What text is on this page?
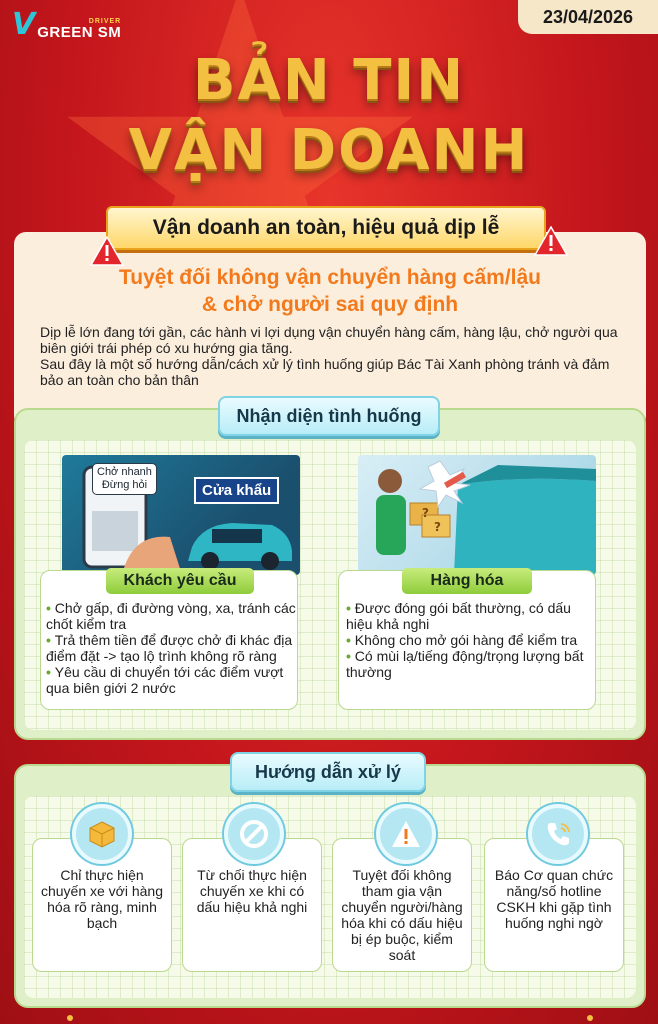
V	DRIVER
GREEN SM
23/04/2026
BẢN TIN
VẬN DOANH
Vận doanh an toàn, hiệu quả dịp lễ
Tuyệt đối không vận chuyển hàng cấm/lậu
& chở người sai quy định

Dịp lễ lớn đang tới gần, các hành vi lợi dụng vận chuyển hàng cấm, hàng lậu, chở người qua biên giới trái phép có xu hướng gia tăng.

Sau đây là một số hướng dẫn/cách xử lý tình huống giúp Bác Tài Xanh phòng tránh và đảm bảo an toàn cho bản thân

Nhận diện tình huống
Chở nhanh
Đừng hỏi	Cửa khẩu
?
?
Khách yêu cầu
• Chở gấp, đi đường vòng, xa, tránh các chốt kiểm tra
• Trả thêm tiền để được chở đi khác địa điểm đặt -> tạo lộ trình không rõ ràng
• Yêu cầu di chuyển tới các điểm vượt qua biên giới 2 nước
Hàng hóa
• Được đóng gói bất thường, có dấu hiệu khả nghi
• Không cho mở gói hàng để kiểm tra
• Có mùi lạ/tiếng động/trọng lượng bất thường
Hướng dẫn xử lý
Chỉ thực hiện chuyến xe với hàng hóa rõ ràng, minh bạch
Từ chối thực hiện chuyến xe khi có dấu hiệu khả nghi
Tuyệt đối không tham gia vận chuyển người/hàng hóa khi có dấu hiệu bị ép buộc, kiểm soát
Báo Cơ quan chức năng/số hotline CSKH khi gặp tình huống nghi ngờ
